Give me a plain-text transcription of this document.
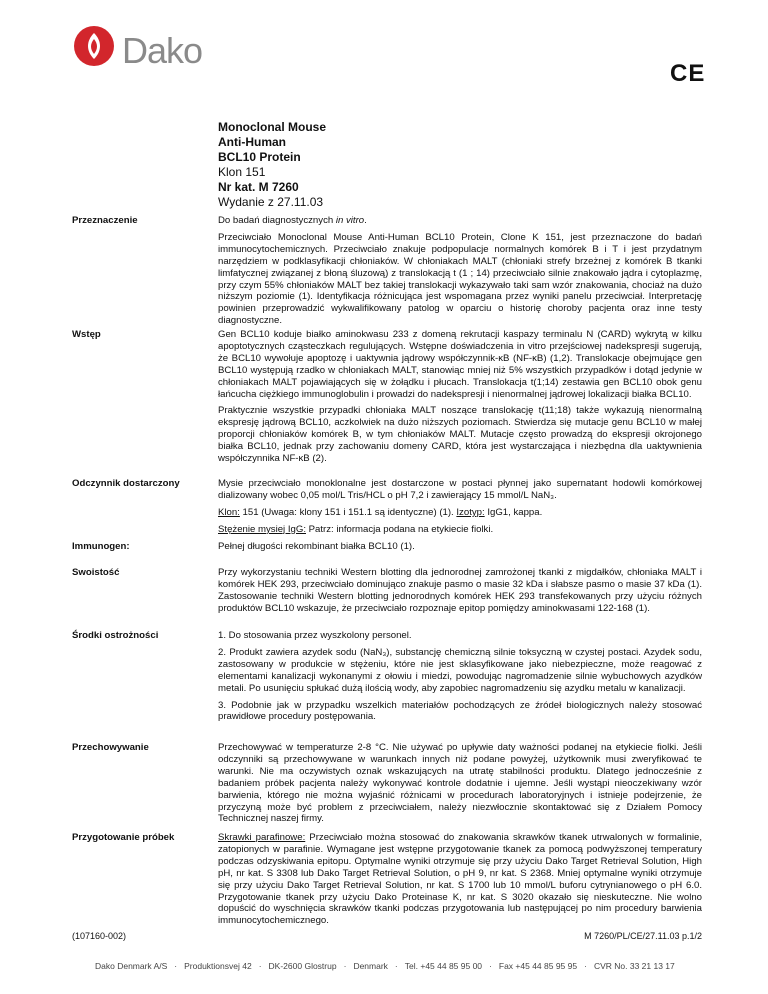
Dako
CE
Monoclonal Mouse
Anti-Human
BCL10 Protein
Klon 151
Nr kat. M 7260
Wydanie z 27.11.03
Przeznaczenie	Do badań diagnostycznych in vitro.

Przeciwciało Monoclonal Mouse Anti-Human BCL10 Protein, Clone K 151, jest przeznaczone do badań immunocytochemicznych. Przeciwciało znakuje podpopulacje normalnych komórek B i T i jest przydatnym narzędziem w podklasyfikacji chłoniaków. W chłoniakach MALT (chłoniaki strefy brzeżnej z komórek B tkanki limfatycznej związanej z błoną śluzową) z translokacją t (1 ; 14) przeciwciało silnie znakowało jądra i cytoplazmę, przy czym 55% chłoniaków MALT bez takiej translokacji wykazywało taki sam wzór znakowania, chociaż na dużo niższym poziomie (1). Identyfikacja różnicująca jest wspomagana przez wyniki panelu przeciwciał. Interpretację powinien przeprowadzić wykwalifikowany patolog w oparciu o historię choroby pacjenta oraz inne testy diagnostyczne.

Wstęp	Gen BCL10 koduje białko aminokwasu 233 z domeną rekrutacji kaspazy terminalu N (CARD) wykrytą w kilku apoptotycznych cząsteczkach regulujących. Wstępne doświadczenia in vitro przejściowej nadekspresji sugerują, że BCL10 wywołuje apoptozę i uaktywnia jądrowy współczynnik-κB (NF-κB) (1,2). Translokacje obejmujące gen BCL10 występują rzadko w chłoniakach MALT, stanowiąc mniej niż 5% wszystkich przypadków i dotąd jedynie w chłoniakach MALT pojawiających się w żołądku i płucach. Translokacja t(1;14) zestawia gen BCL10 obok genu łańcucha ciężkiego immunoglobulin i prowadzi do nadekspresji i nienormalnej jądrowej lokalizacji białka BCL10.

Praktycznie wszystkie przypadki chłoniaka MALT noszące translokację t(11;18) także wykazują nienormalną ekspresję jądrową BCL10, aczkolwiek na dużo niższych poziomach. Stwierdza się mutacje genu BCL10 w małej proporcji chłoniaków komórek B, w tym chłoniaków MALT. Mutacje często prowadzą do ekspresji okrojonego białka BCL10, jednak przy zachowaniu domeny CARD, która jest wystarczająca i niezbędna dla uaktywnienia współczynnika NF-κB (2).

Odczynnik dostarczony	Mysie przeciwciało monoklonalne jest dostarczone w postaci płynnej jako supernatant hodowli komórkowej dializowany wobec 0,05 mol/L Tris/HCL o pH 7,2 i zawierający 15 mmol/L NaN₃.

Klon: 151 (Uwaga: klony 151 i 151.1 są identyczne) (1). Izotyp: IgG1, kappa.

Stężenie mysiej IgG: Patrz: informacja podana na etykiecie fiolki.

Immunogen:	Pełnej długości rekombinant białka BCL10 (1).

Swoistość	Przy wykorzystaniu techniki Western blotting dla jednorodnej zamrożonej tkanki z migdałków, chłoniaka MALT i komórek HEK 293, przeciwciało dominująco znakuje pasmo o masie 32 kDa i słabsze pasmo o masie 37 kDa (1). Zastosowanie techniki Western blotting jednorodnych komórek HEK 293 transfekowanych przy użyciu różnych produktów BCL10 wskazuje, że przeciwciało rozpoznaje epitop pomiędzy aminokwasami 122-168 (1).

Środki ostrożności	1. Do stosowania przez wyszkolony personel.

2. Produkt zawiera azydek sodu (NaN₃), substancję chemiczną silnie toksyczną w czystej postaci. Azydek sodu, zastosowany w produkcie w stężeniu, które nie jest sklasyfikowane jako niebezpieczne, może reagować z elementami kanalizacji wykonanymi z ołowiu i miedzi, powodując nagromadzenie silnie wybuchowych azydków metali. Po usunięciu spłukać dużą ilością wody, aby zapobiec nagromadzeniu się azydku metalu w kanalizacji.

3. Podobnie jak w przypadku wszelkich materiałów pochodzących ze źródeł biologicznych należy stosować prawidłowe procedury postępowania.

Przechowywanie	Przechowywać w temperaturze 2-8 °C. Nie używać po upływie daty ważności podanej na etykiecie fiolki. Jeśli odczynniki są przechowywane w warunkach innych niż podane powyżej, użytkownik musi zweryfikować te warunki. Nie ma oczywistych oznak wskazujących na utratę stabilności produktu. Dlatego jednocześnie z badaniem próbek pacjenta należy wykonywać kontrole dodatnie i ujemne. Jeśli wystąpi nieoczekiwany wzór barwienia, którego nie można wyjaśnić różnicami w procedurach laboratoryjnych i istnieje podejrzenie, że przyczyną może być problem z przeciwciałem, należy niezwłocznie skontaktować się z Działem Pomocy Technicznej naszej firmy.

Przygotowanie próbek	Skrawki parafinowe: Przeciwciało można stosować do znakowania skrawków tkanek utrwalonych w formalinie, zatopionych w parafinie. Wymagane jest wstępne przygotowanie tkanek za pomocą podwyższonej temperatury podczas odzyskiwania epitopu. Optymalne wyniki otrzymuje się przy użyciu Dako Target Retrieval Solution, High pH, nr kat. S 3308 lub Dako Target Retrieval Solution, o pH 9, nr kat. S 2368. Mniej optymalne wyniki otrzymuje się przy użyciu Dako Target Retrieval Solution, nr kat. S 1700 lub 10 mmol/L buforu cytrynianowego o pH 6.0. Przygotowanie tkanek przy użyciu Dako Proteinase K, nr kat. S 3020 okazało się nieskuteczne. Nie wolno dopuścić do wyschnięcia skrawków tkanki podczas przygotowania lub następującej po nim procedury barwienia immunocytochemicznego.

(107160-002)	M 7260/PL/CE/27.11.03 p.1/2
Dako Denmark A/S · Produktionsvej 42 · DK-2600 Glostrup · Denmark · Tel. +45 44 85 95 00 · Fax +45 44 85 95 95 · CVR No. 33 21 13 17
